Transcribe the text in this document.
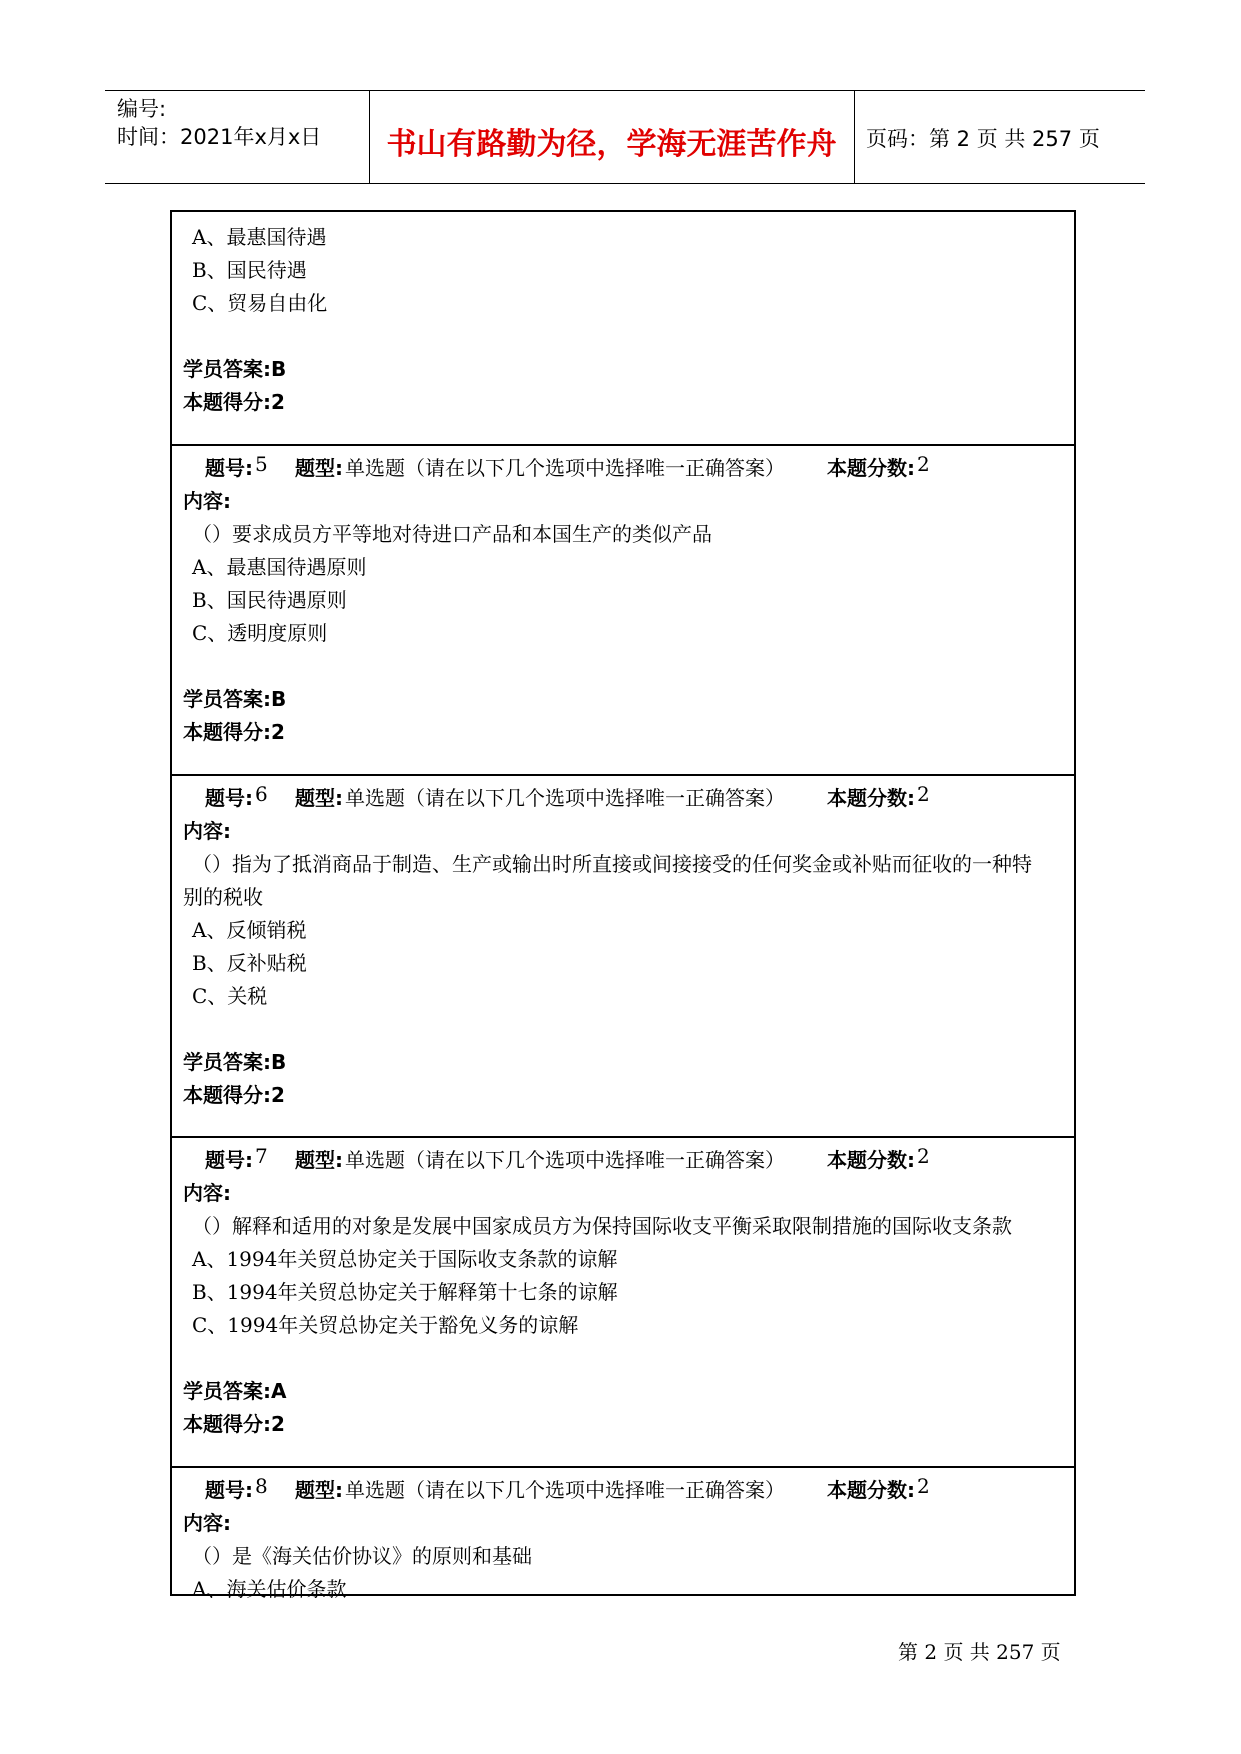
编号:
时间：2021年x月x日	书山有路勤为径，学海无涯苦作舟	页码：第 2 页 共 257 页
A、最惠国待遇
B、国民待遇
C、贸易自由化
学员答案:B
本题得分:2
题号: 5 题型: 单选题（请在以下几个选项中选择唯一正确答案） 本题分数: 2
内容:
（）要求成员方平等地对待进口产品和本国生产的类似产品
A、最惠国待遇原则
B、国民待遇原则
C、透明度原则
学员答案:B
本题得分:2
题号: 6 题型: 单选题（请在以下几个选项中选择唯一正确答案） 本题分数: 2
内容:
（）指为了抵消商品于制造、生产或输出时所直接或间接接受的任何奖金或补贴而征收的一种特
别的税收
A、反倾销税
B、反补贴税
C、关税
学员答案:B
本题得分:2
题号: 7 题型: 单选题（请在以下几个选项中选择唯一正确答案） 本题分数: 2
内容:
（）解释和适用的对象是发展中国家成员方为保持国际收支平衡采取限制措施的国际收支条款
A、1994年关贸总协定关于国际收支条款的谅解
B、1994年关贸总协定关于解释第十七条的谅解
C、1994年关贸总协定关于豁免义务的谅解
学员答案:A
本题得分:2
题号: 8 题型: 单选题（请在以下几个选项中选择唯一正确答案） 本题分数: 2
内容:
（）是《海关估价协议》的原则和基础
A、海关估价条款
第 2 页 共 257 页
